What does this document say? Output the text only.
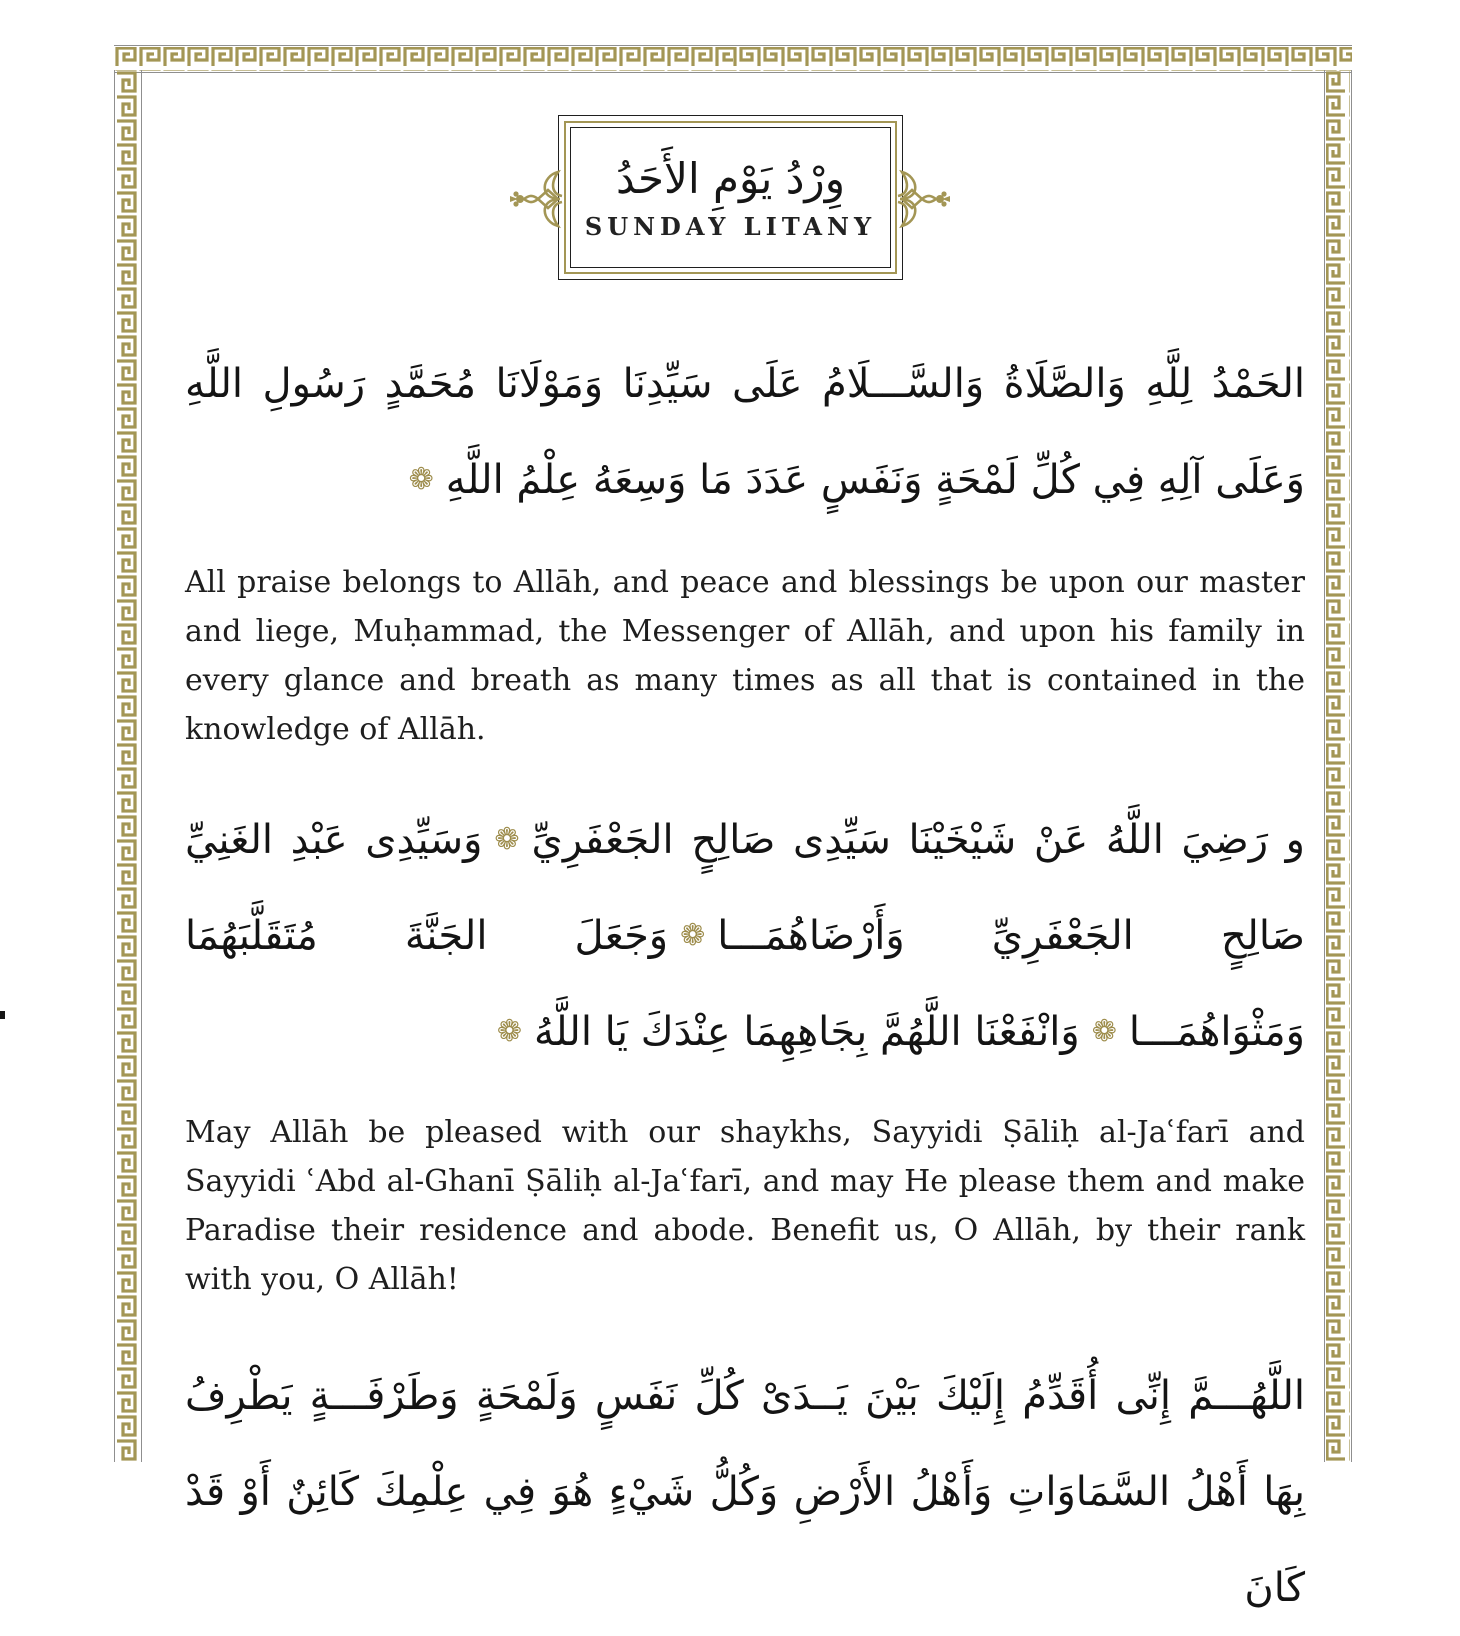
وِرْدُ يَوْمِ الأَحَدُ
SUNDAY LITANY

الحَمْدُ لِلَّهِ وَالصَّلَاةُ وَالسَّـــلَامُ عَلَى سَيِّدِنَا وَمَوْلَانَا مُحَمَّدٍ رَسُولِ اللَّهِ وَعَلَى آلِهِ فِي كُلِّ لَمْحَةٍ وَنَفَسٍ عَدَدَ مَا وَسِعَهُ عِلْمُ اللَّهِ❁

All praise belongs to Allāh, and peace and blessings be upon our master and liege, Muḥammad, the Messenger of Allāh, and upon his family in every glance and breath as many times as all that is contained in the knowledge of Allāh.

و رَضِيَ اللَّهُ عَنْ شَيْخَيْنَا سَيِّدِى صَالِحٍ الجَعْفَرِيِّ❁وَسَيِّدِى عَبْدِ الغَنِيِّ صَالِحٍ الجَعْفَرِيِّ وَأَرْضَاهُمَـــا❁وَجَعَلَ الجَنَّةَ مُتَقَلَّبَهُمَا وَمَثْوَاهُمَـــا❁وَانْفَعْنَا اللَّهُمَّ بِجَاهِهِمَا عِنْدَكَ يَا اللَّهُ❁

May Allāh be pleased with our shaykhs, Sayyidi Ṣāliḥ al-Jaʿfarī and Sayyidi ʿAbd al-Ghanī Ṣāliḥ al-Jaʿfarī, and may He please them and make Paradise their residence and abode. Benefit us, O Allāh, by their rank with you, O Allāh!

اللَّهُـــمَّ إِنِّى أُقَدِّمُ إِلَيْكَ بَيْنَ يَــدَىْ كُلِّ نَفَسٍ وَلَمْحَةٍ وَطَرْفَـــةٍ يَطْرِفُ بِهَا أَهْلُ السَّمَاوَاتِ وَأَهْلُ الأَرْضِ وَكُلُّ شَيْءٍ هُوَ فِي عِلْمِكَ كَائِنٌ أَوْ قَدْ كَانَ
